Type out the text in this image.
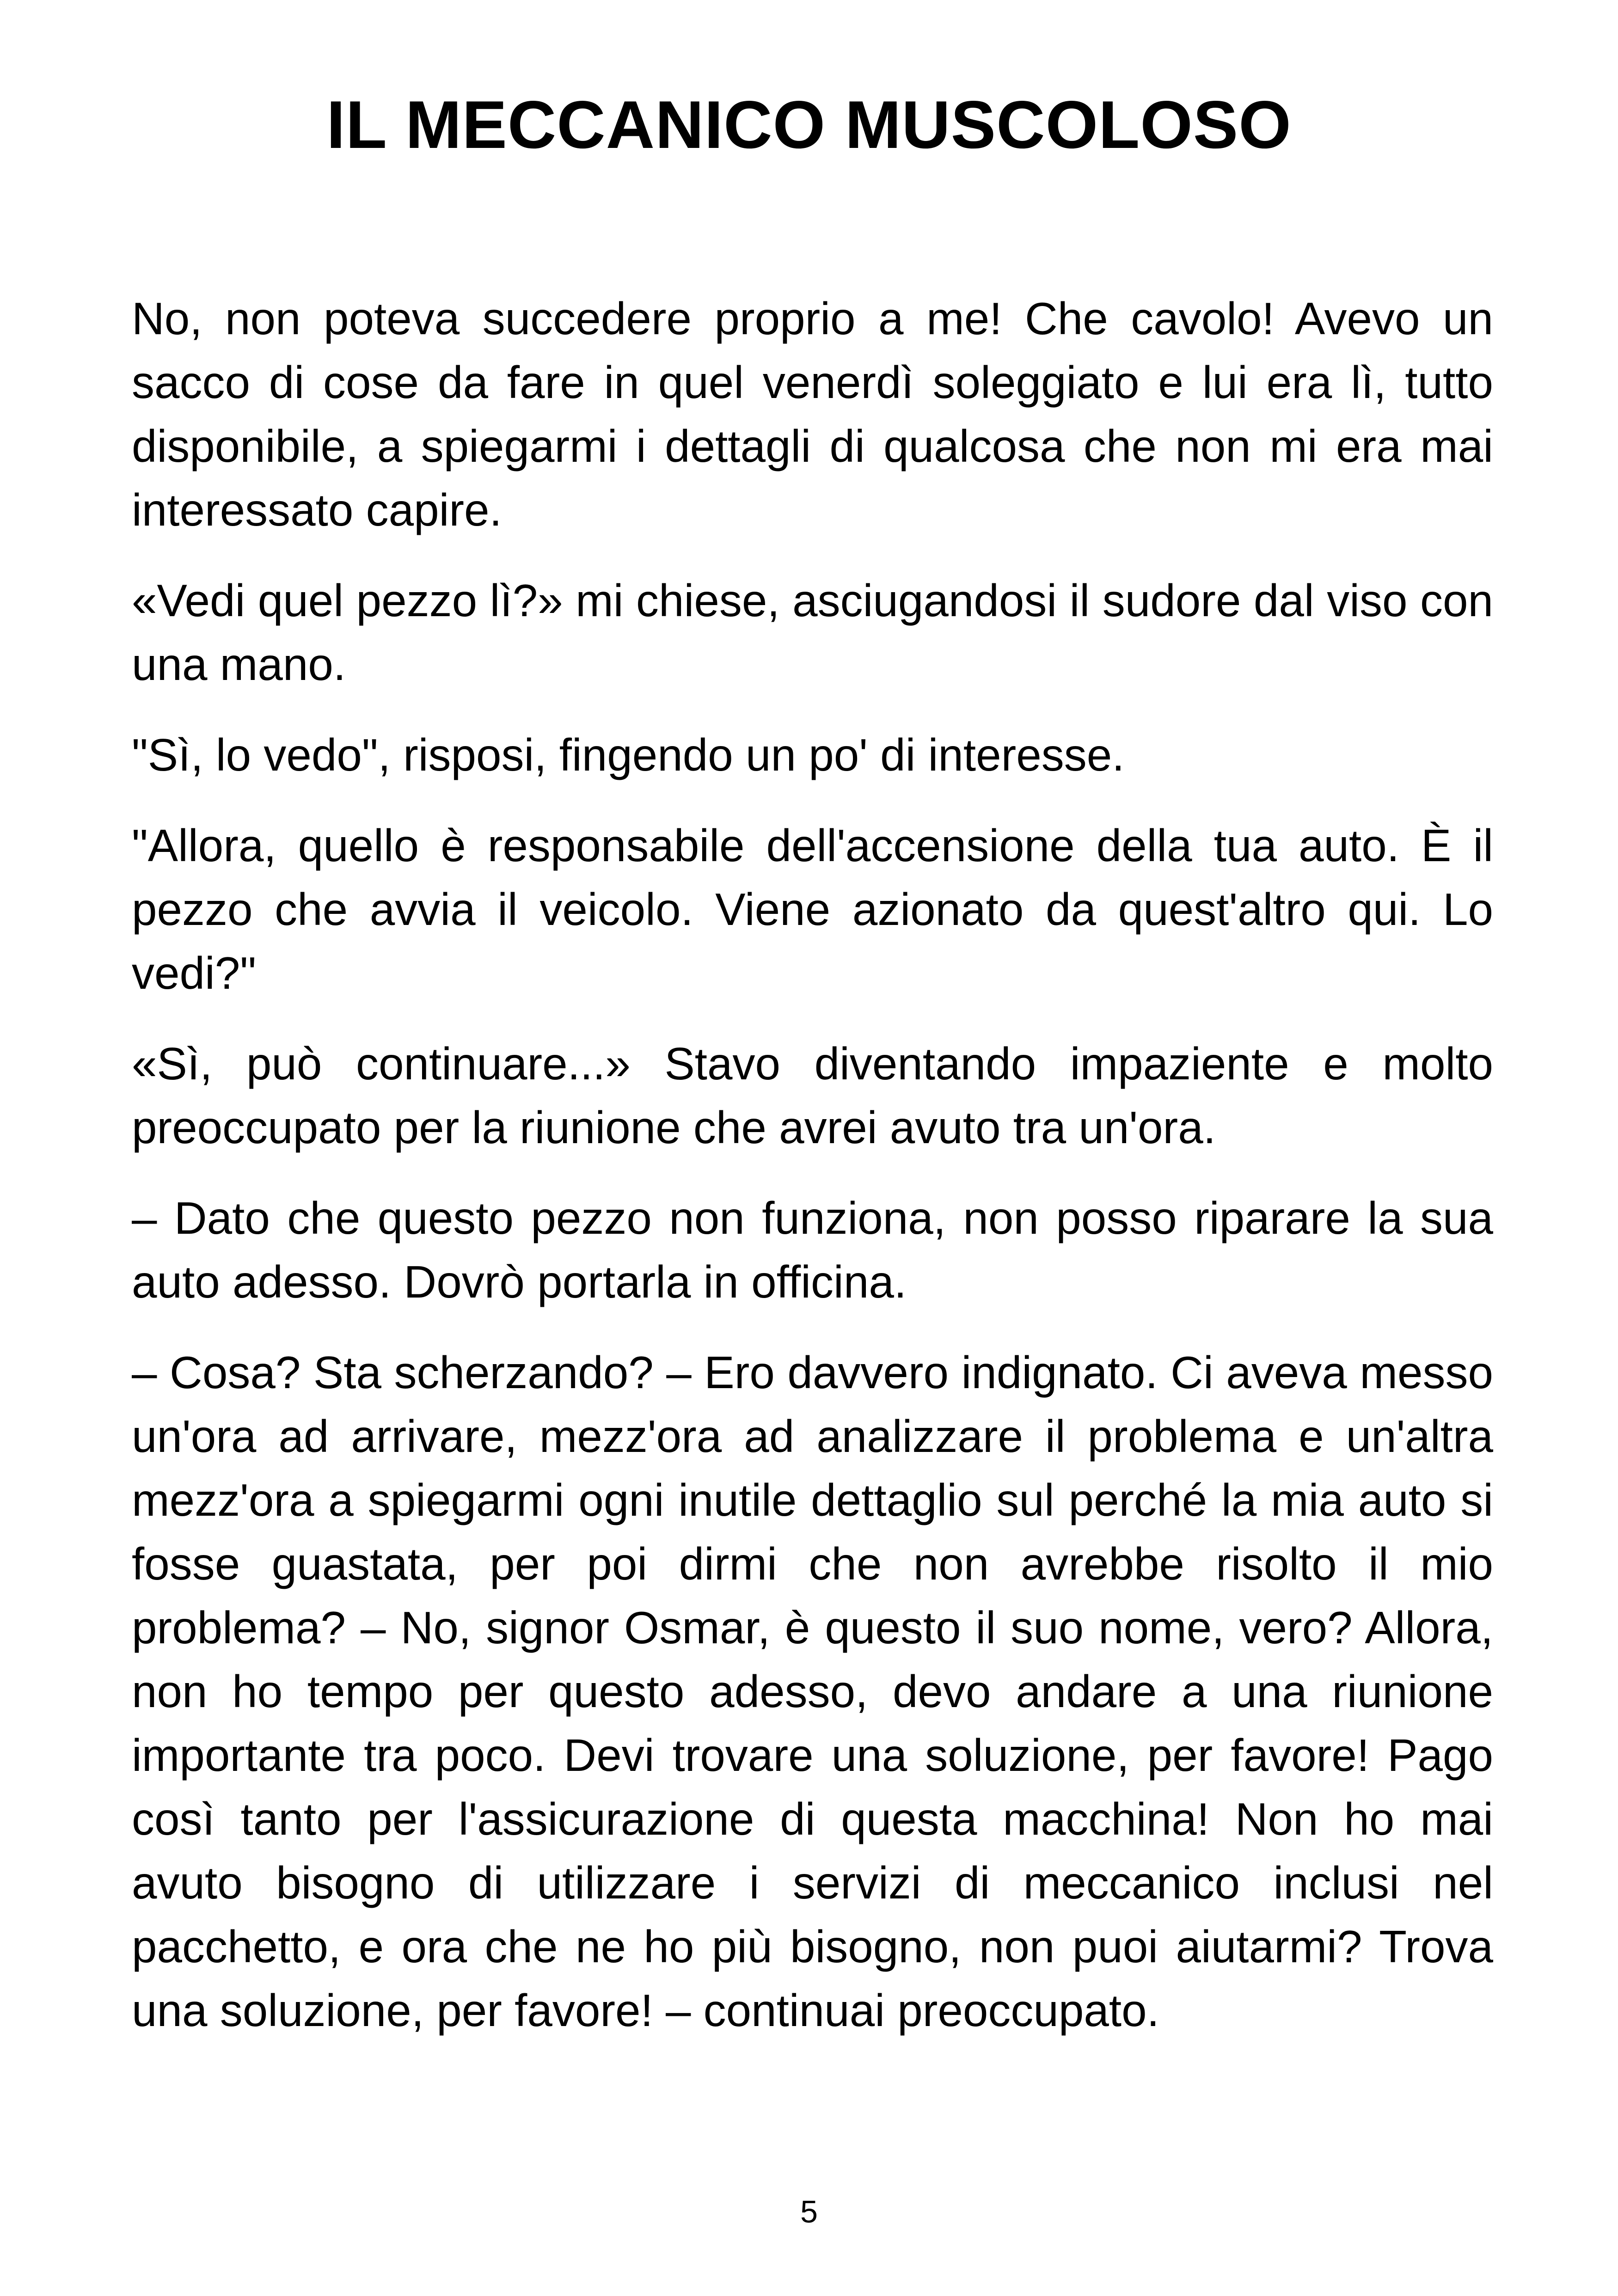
IL MECCANICO MUSCOLOSO

No, non poteva succedere proprio a me! Che cavolo! Avevo un sacco di cose da fare in quel venerdì soleggiato e lui era lì, tutto disponibile, a spiegarmi i dettagli di qualcosa che non mi era mai interessato capire.

«Vedi quel pezzo lì?» mi chiese, asciugandosi il sudore dal viso con una mano.

"Sì, lo vedo", risposi, fingendo un po' di interesse.

"Allora, quello è responsabile dell'accensione della tua auto. È il pezzo che avvia il veicolo. Viene azionato da quest'altro qui. Lo vedi?"

«Sì, può continuare...» Stavo diventando impaziente e molto preoccupato per la riunione che avrei avuto tra un'ora.

– Dato che questo pezzo non funziona, non posso riparare la sua auto adesso. Dovrò portarla in officina.

– Cosa? Sta scherzando? – Ero davvero indignato. Ci aveva messo un'ora ad arrivare, mezz'ora ad analizzare il problema e un'altra mezz'ora a spiegarmi ogni inutile dettaglio sul perché la mia auto si fosse guastata, per poi dirmi che non avrebbe risolto il mio problema? – No, signor Osmar, è questo il suo nome, vero? Allora, non ho tempo per questo adesso, devo andare a una riunione importante tra poco. Devi trovare una soluzione, per favore! Pago così tanto per l'assicurazione di questa macchina! Non ho mai avuto bisogno di utilizzare i servizi di meccanico inclusi nel pacchetto, e ora che ne ho più bisogno, non puoi aiutarmi? Trova una soluzione, per favore! – continuai preoccupato.

5
